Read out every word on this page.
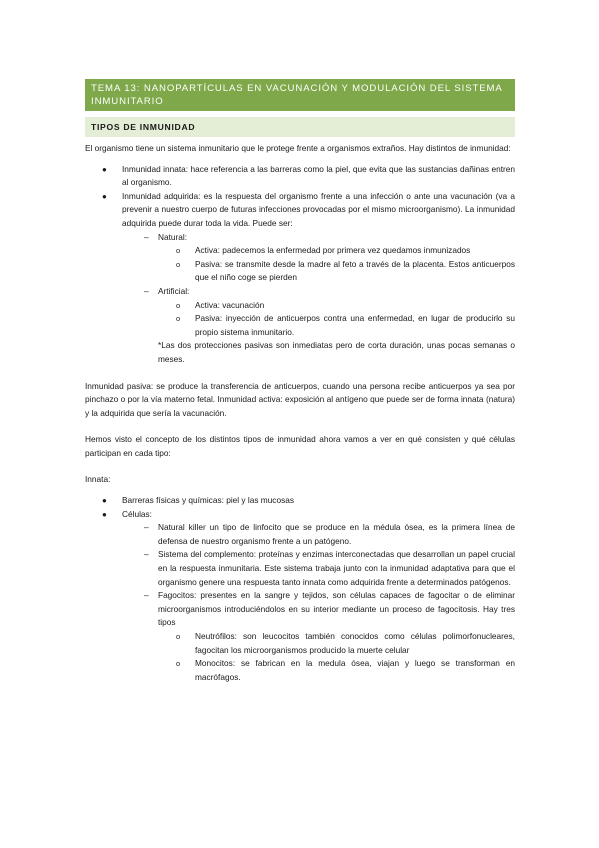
TEMA 13: NANOPARTÍCULAS EN VACUNACIÓN Y MODULACIÓN DEL SISTEMA INMUNITARIO
TIPOS DE INMUNIDAD

El organismo tiene un sistema inmunitario que le protege frente a organismos extraños. Hay distintos de inmunidad:

● Inmunidad innata: hace referencia a las barreras como la piel, que evita que las sustancias dañinas entren al organismo.
● Inmunidad adquirida: es la respuesta del organismo frente a una infección o ante una vacunación (va a prevenir a nuestro cuerpo de futuras infecciones provocadas por el mismo microorganismo). La inmunidad adquirida puede durar toda la vida. Puede ser:
– Natural:
o Activa: padecemos la enfermedad por primera vez quedamos inmunizados
o Pasiva: se transmite desde la madre al feto a través de la placenta. Estos anticuerpos que el niño coge se pierden
– Artificial:
o Activa: vacunación
o Pasiva: inyección de anticuerpos contra una enfermedad, en lugar de producirlo su propio sistema inmunitario.

*Las dos protecciones pasivas son inmediatas pero de corta duración, unas pocas semanas o meses.

Inmunidad pasiva: se produce la transferencia de anticuerpos, cuando una persona recibe anticuerpos ya sea por pinchazo o por la vía materno fetal. Inmunidad activa: exposición al antígeno que puede ser de forma innata (natura) y la adquirida que sería la vacunación.

Hemos visto el concepto de los distintos tipos de inmunidad ahora vamos a ver en qué consisten y qué células participan en cada tipo:

Innata:

● Barreras físicas y químicas: piel y las mucosas
● Células:
– Natural killer un tipo de linfocito que se produce en la médula ósea, es la primera línea de defensa de nuestro organismo frente a un patógeno.
– Sistema del complemento: proteínas y enzimas interconectadas que desarrollan un papel crucial en la respuesta inmunitaria. Este sistema trabaja junto con la inmunidad adaptativa para que el organismo genere una respuesta tanto innata como adquirida frente a determinados patógenos.
– Fagocitos: presentes en la sangre y tejidos, son células capaces de fagocitar o de eliminar microorganismos introduciéndolos en su interior mediante un proceso de fagocitosis. Hay tres tipos
o Neutrófilos: son leucocitos también conocidos como células polimorfonucleares, fagocitan los microorganismos producido la muerte celular
o Monocitos: se fabrican en la medula ósea, viajan y luego se transforman en macrófagos.
